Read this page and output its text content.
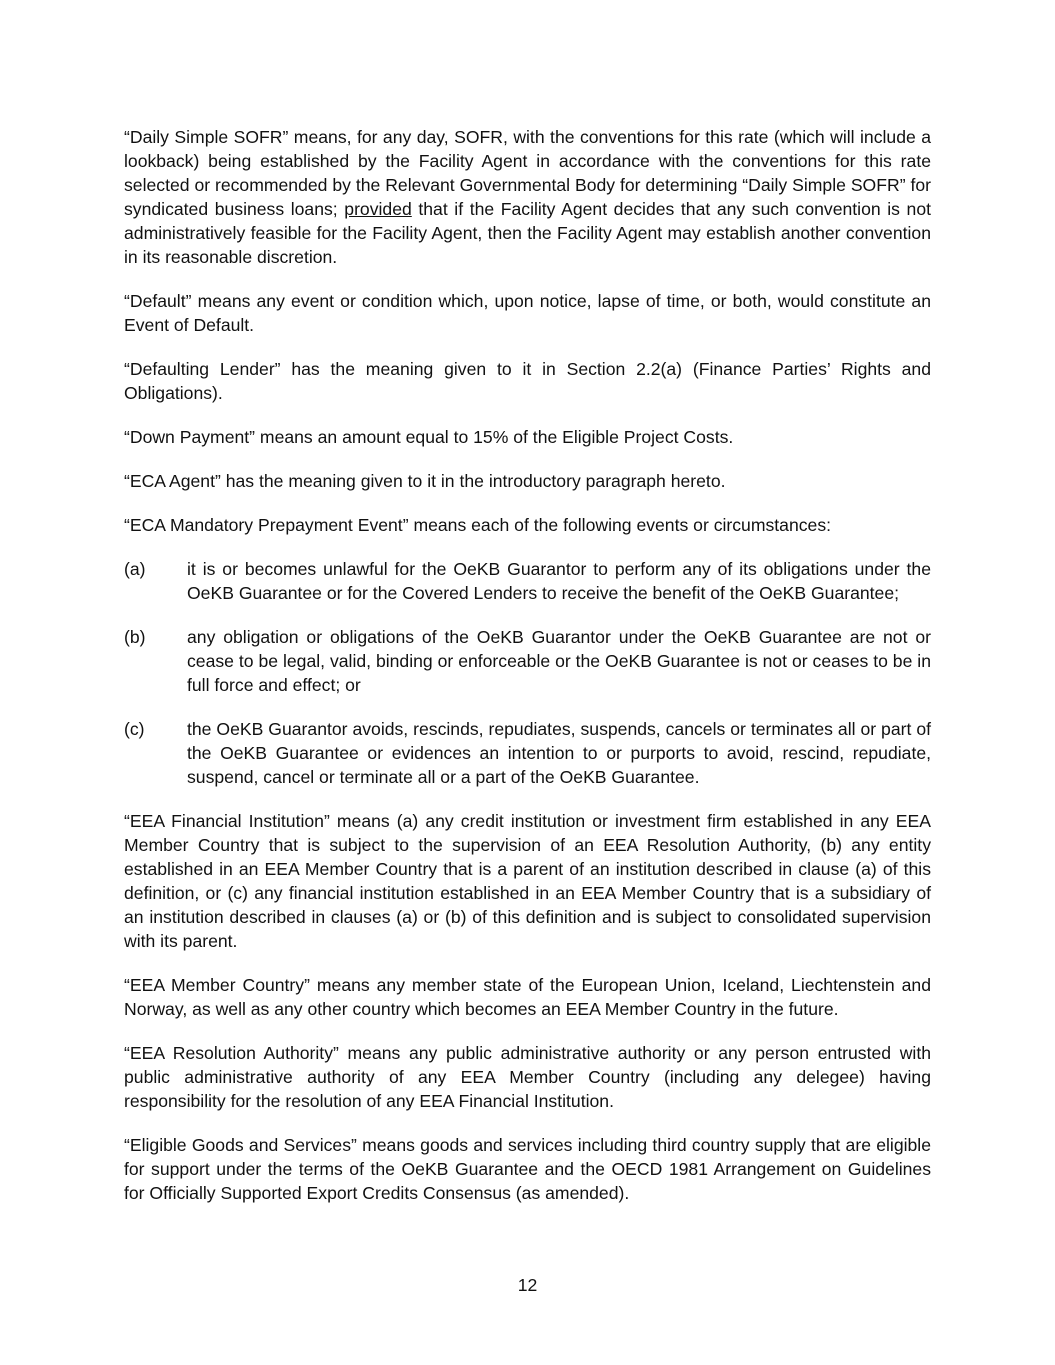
“Daily Simple SOFR” means, for any day, SOFR, with the conventions for this rate (which will include a lookback) being established by the Facility Agent in accordance with the conventions for this rate selected or recommended by the Relevant Governmental Body for determining “Daily Simple SOFR” for syndicated business loans; provided that if the Facility Agent decides that any such convention is not administratively feasible for the Facility Agent, then the Facility Agent may establish another convention in its reasonable discretion.

“Default” means any event or condition which, upon notice, lapse of time, or both, would constitute an Event of Default.

“Defaulting Lender” has the meaning given to it in Section 2.2(a) (Finance Parties’ Rights and Obligations).

“Down Payment” means an amount equal to 15% of the Eligible Project Costs.

“ECA Agent” has the meaning given to it in the introductory paragraph hereto.

“ECA Mandatory Prepayment Event” means each of the following events or circumstances:

(a) it is or becomes unlawful for the OeKB Guarantor to perform any of its obligations under the OeKB Guarantee or for the Covered Lenders to receive the benefit of the OeKB Guarantee;
(b) any obligation or obligations of the OeKB Guarantor under the OeKB Guarantee are not or cease to be legal, valid, binding or enforceable or the OeKB Guarantee is not or ceases to be in full force and effect; or
(c) the OeKB Guarantor avoids, rescinds, repudiates, suspends, cancels or terminates all or part of the OeKB Guarantee or evidences an intention to or purports to avoid, rescind, repudiate, suspend, cancel or terminate all or a part of the OeKB Guarantee.

“EEA Financial Institution” means (a) any credit institution or investment firm established in any EEA Member Country that is subject to the supervision of an EEA Resolution Authority, (b) any entity established in an EEA Member Country that is a parent of an institution described in clause (a) of this definition, or (c) any financial institution established in an EEA Member Country that is a subsidiary of an institution described in clauses (a) or (b) of this definition and is subject to consolidated supervision with its parent.

“EEA Member Country” means any member state of the European Union, Iceland, Liechtenstein and Norway, as well as any other country which becomes an EEA Member Country in the future.

“EEA Resolution Authority” means any public administrative authority or any person entrusted with public administrative authority of any EEA Member Country (including any delegee) having responsibility for the resolution of any EEA Financial Institution.

“Eligible Goods and Services” means goods and services including third country supply that are eligible for support under the terms of the OeKB Guarantee and the OECD 1981 Arrangement on Guidelines for Officially Supported Export Credits Consensus (as amended).

12
